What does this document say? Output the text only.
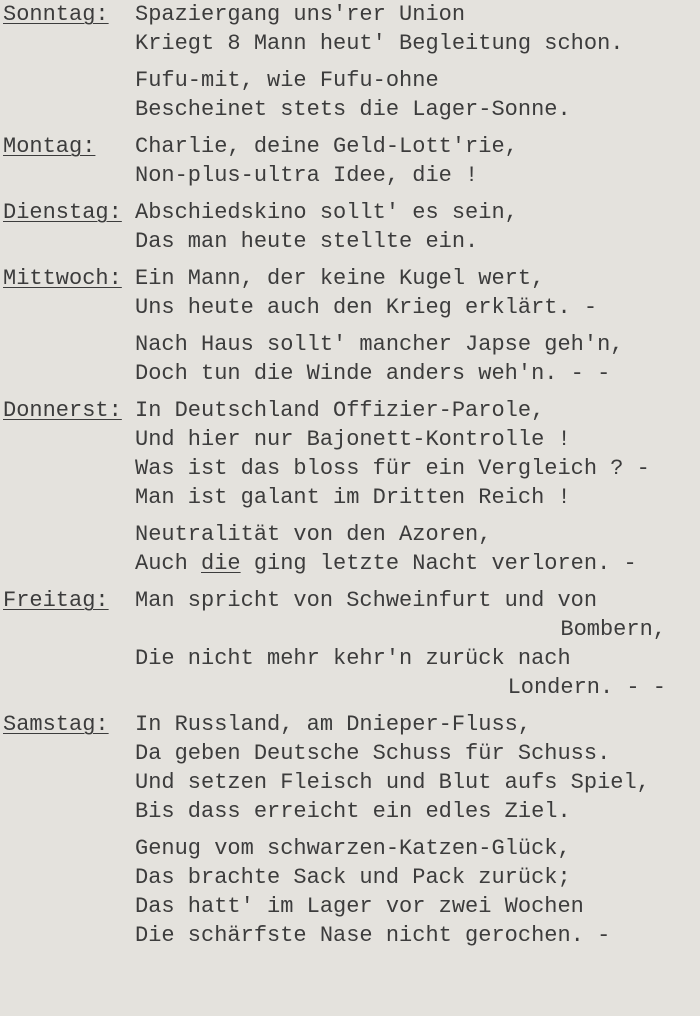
Sonntag: Spaziergang uns'rer Union
Kriegt 8 Mann heut' Begleitung schon.
Fufu-mit, wie Fufu-ohne
Bescheinet stets die Lager-Sonne.
Montag: Charlie, deine Geld-Lott'rie,
Non-plus-ultra Idee, die !
Dienstag: Abschiedskino sollt' es sein,
Das man heute stellte ein.
Mittwoch: Ein Mann, der keine Kugel wert,
Uns heute auch den Krieg erklärt. -
Nach Haus sollt' mancher Japse geh'n,
Doch tun die Winde anders weh'n. - -
Donnerst: In Deutschland Offizier-Parole,
Und hier nur Bajonett-Kontrolle !
Was ist das bloss für ein Vergleich ? -
Man ist galant im Dritten Reich !
Neutralität von den Azoren,
Auch die ging letzte Nacht verloren. -
Freitag: Man spricht von Schweinfurt und von
Bombern,
Die nicht mehr kehr'n zurück nach
Londern. - -
Samstag: In Russland, am Dnieper-Fluss,
Da geben Deutsche Schuss für Schuss.
Und setzen Fleisch und Blut aufs Spiel,
Bis dass erreicht ein edles Ziel.
Genug vom schwarzen-Katzen-Glück,
Das brachte Sack und Pack zurück;
Das hatt' im Lager vor zwei Wochen
Die schärfste Nase nicht gerochen. -
